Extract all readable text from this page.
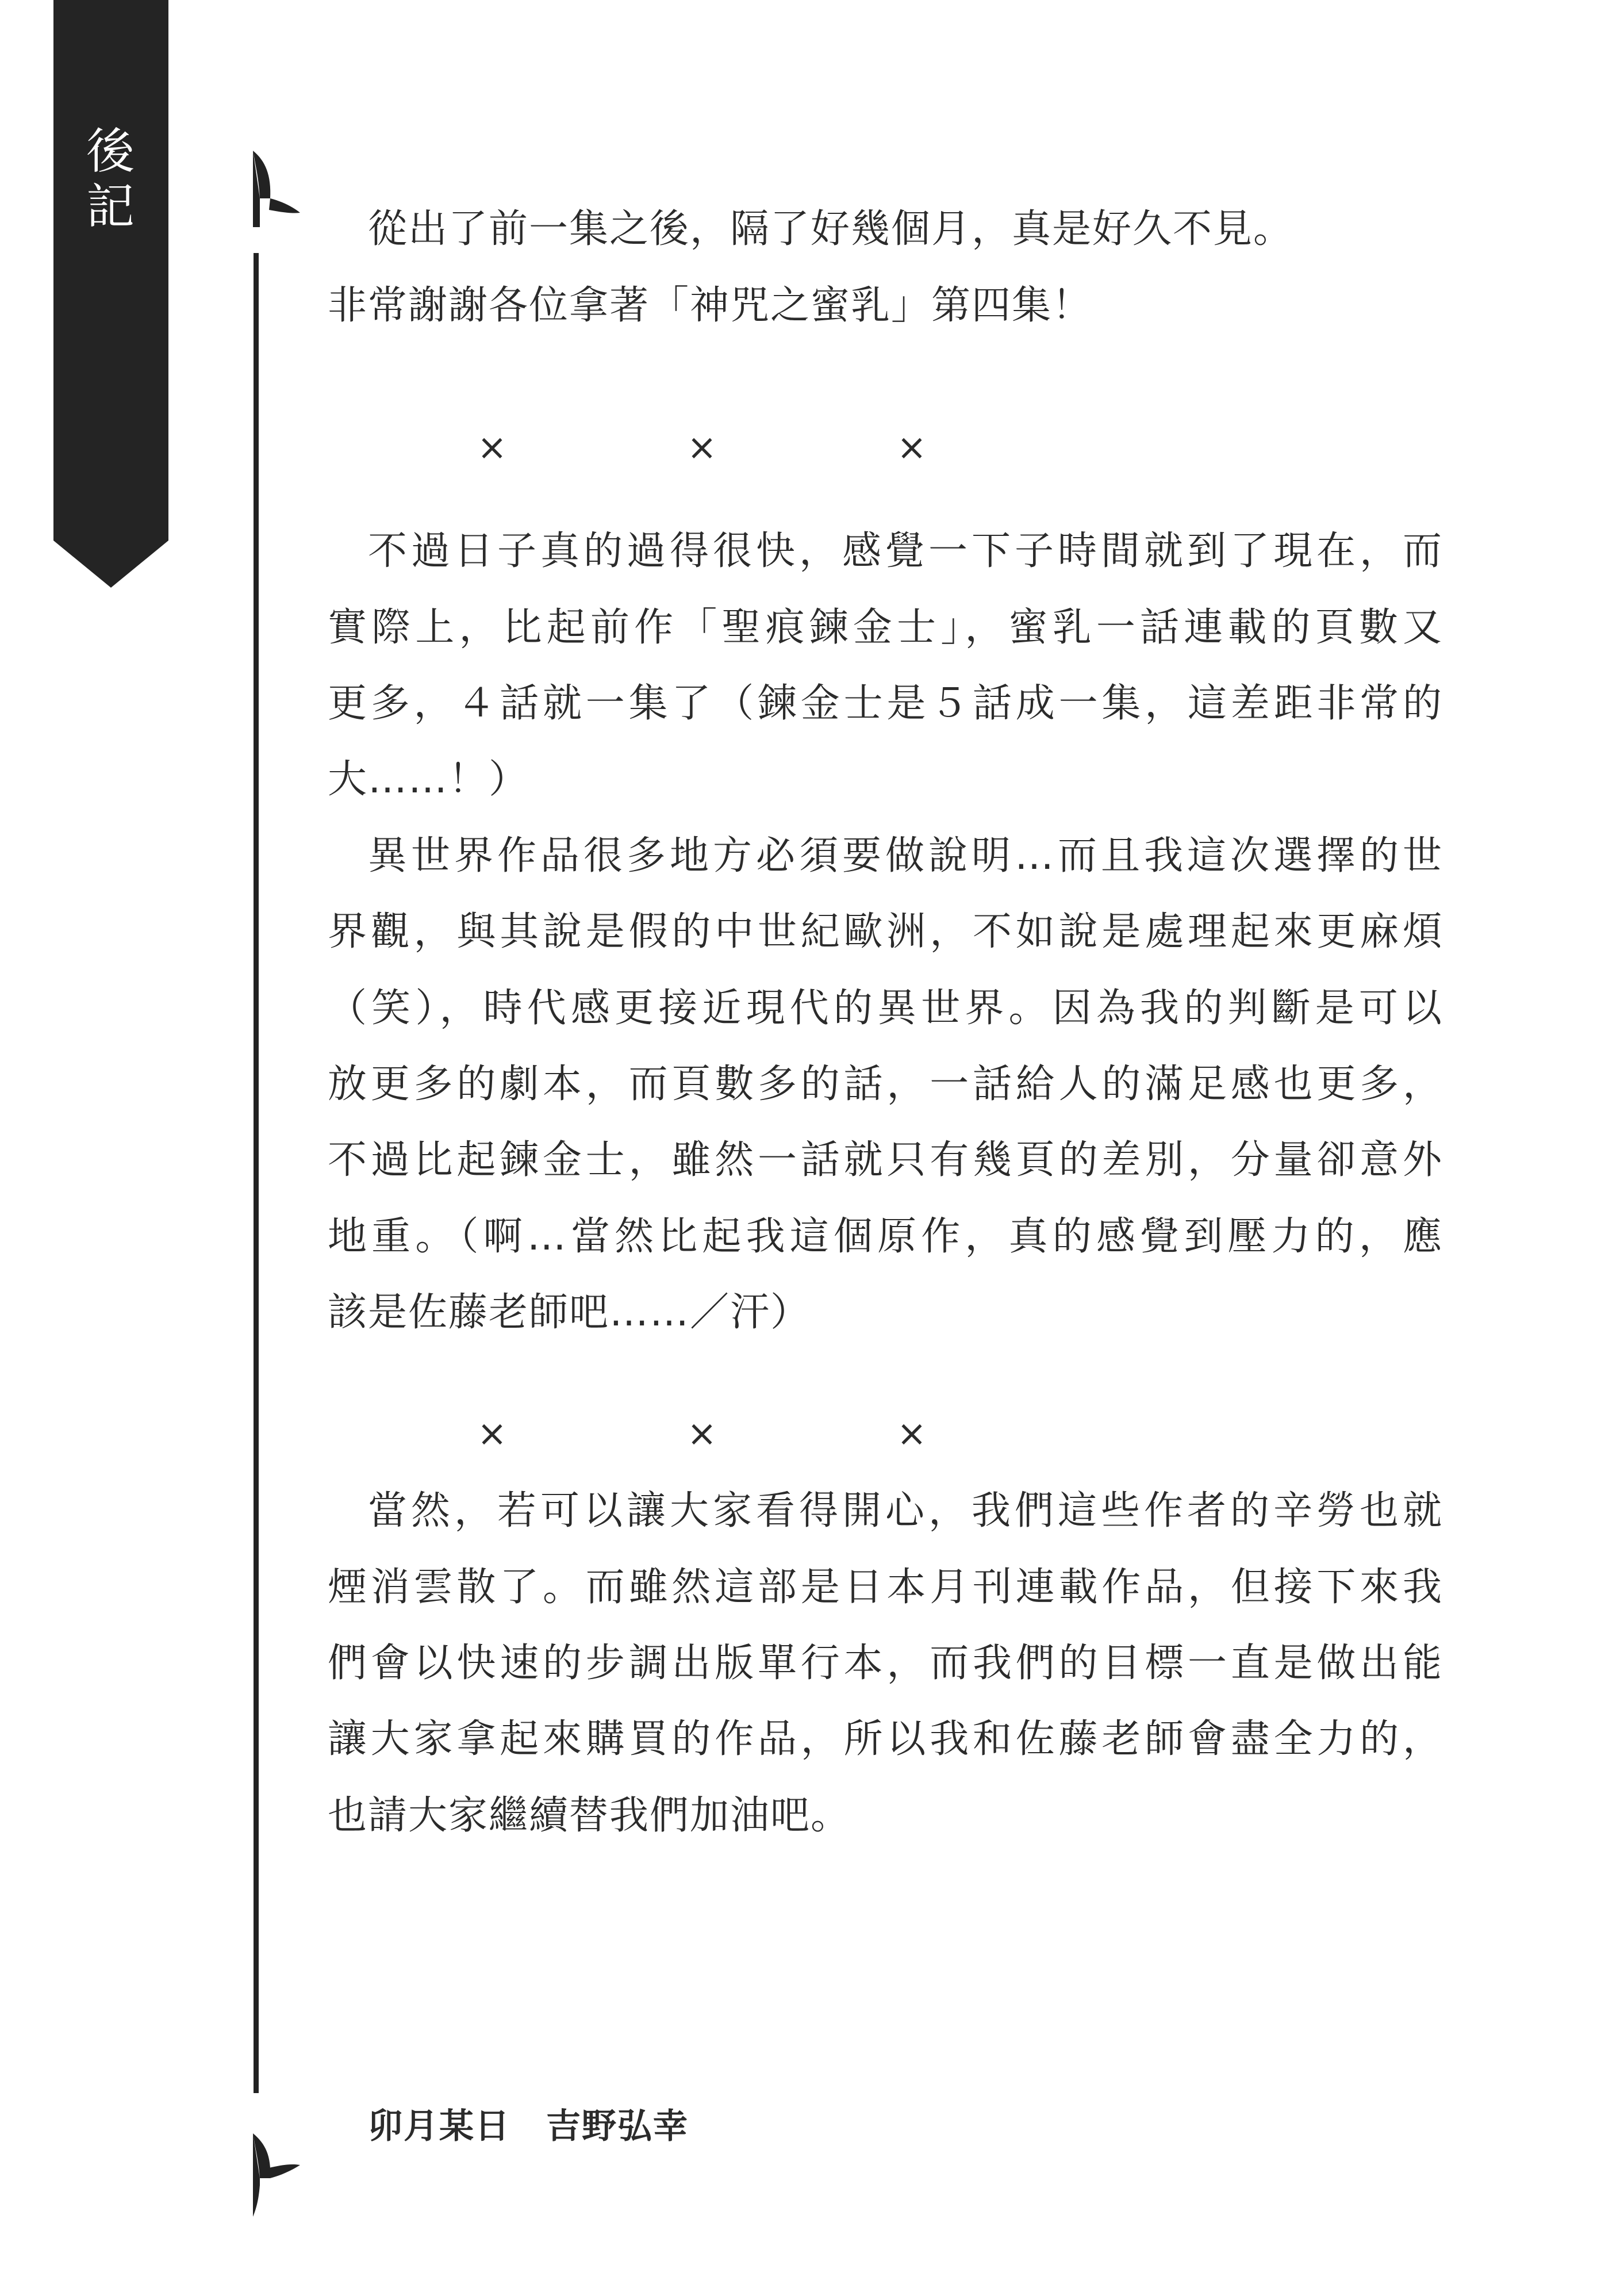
後記	從出了前一集之後，隔了好幾個月，真是好久不見。
非常謝謝各位拿著「神咒之蜜乳」第四集！
×	×	×
不過日子真的過得很快，感覺一下子時間就到了現在，而
實際上，比起前作「聖痕鍊金士」，蜜乳一話連載的頁數又
更多，４話就一集了（鍊金士是５話成一集，這差距非常的
大……！）
異世界作品很多地方必須要做說明…而且我這次選擇的世
界觀，與其說是假的中世紀歐洲，不如說是處理起來更麻煩
（笑），時代感更接近現代的異世界。因為我的判斷是可以
放更多的劇本，而頁數多的話，一話給人的滿足感也更多，
不過比起鍊金士，雖然一話就只有幾頁的差別，分量卻意外
地重。（啊…當然比起我這個原作，真的感覺到壓力的，應
該是佐藤老師吧……／汗）
×	×	×
當然，若可以讓大家看得開心，我們這些作者的辛勞也就
煙消雲散了。而雖然這部是日本月刊連載作品，但接下來我
們會以快速的步調出版單行本，而我們的目標一直是做出能
讓大家拿起來購買的作品，所以我和佐藤老師會盡全力的，
也請大家繼續替我們加油吧。
卯月某日　吉野弘幸
